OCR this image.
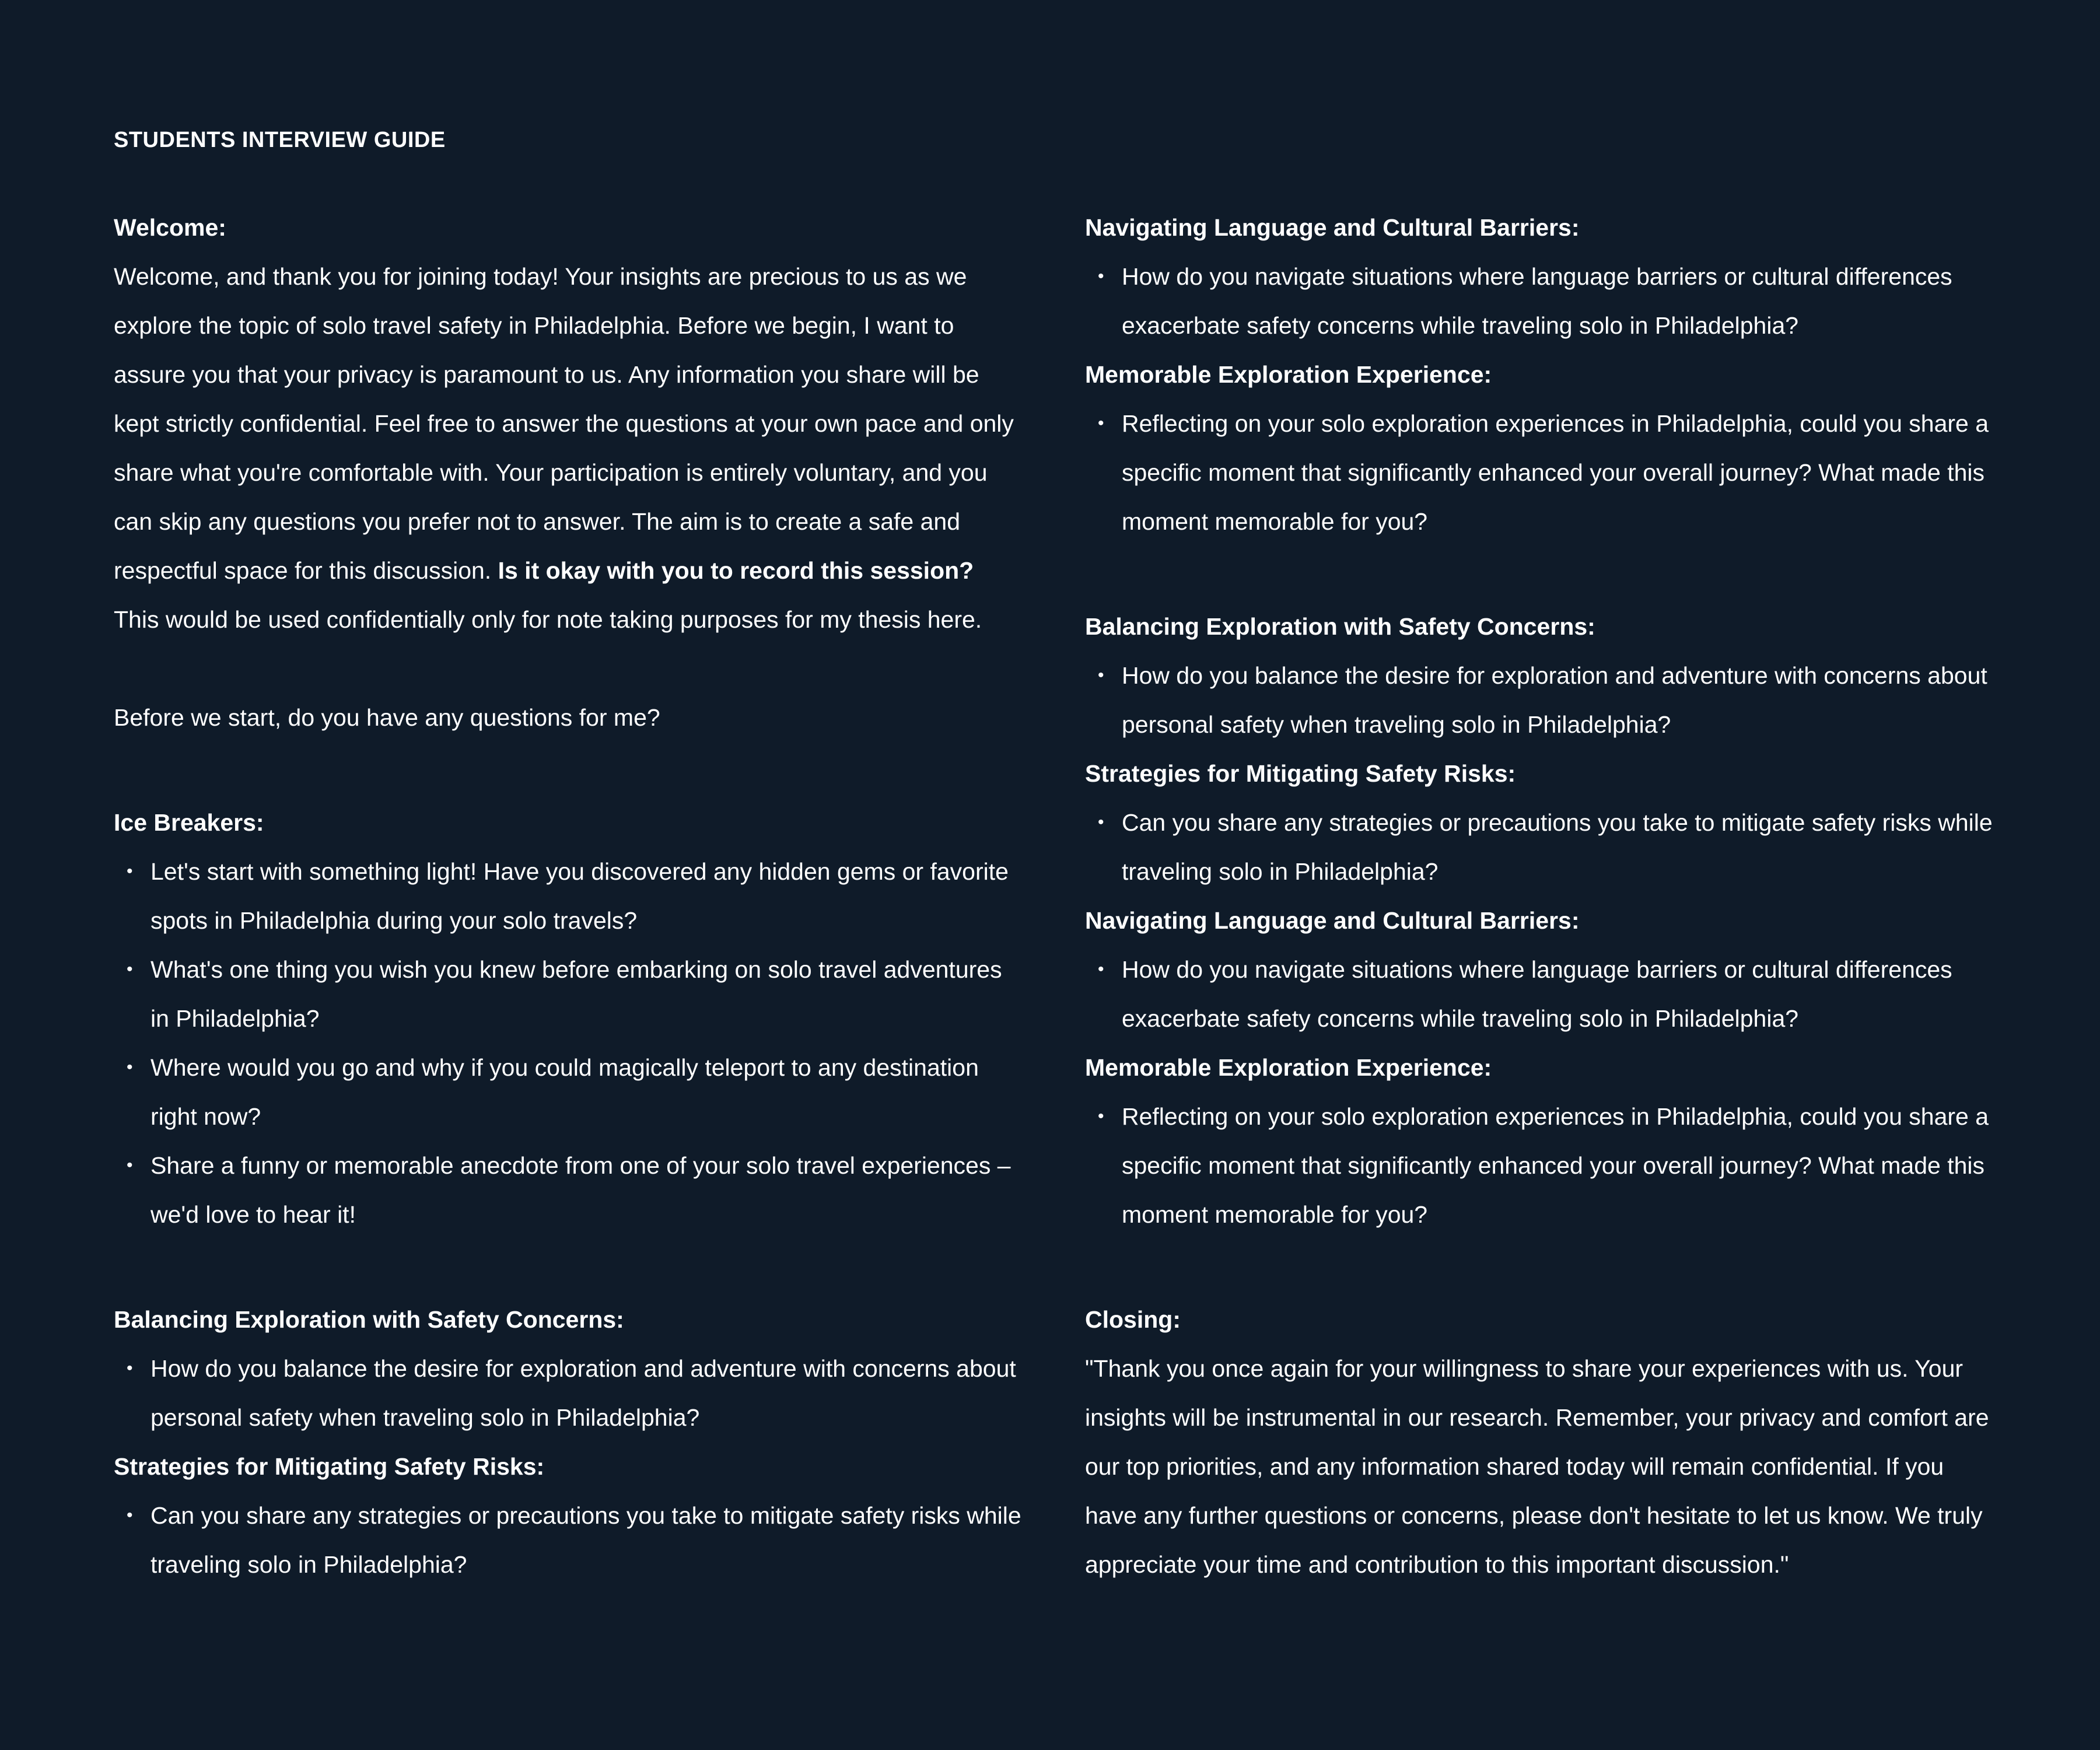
STUDENTS INTERVIEW GUIDE

Welcome:

Welcome, and thank you for joining today! Your insights are precious to us as we explore the topic of solo travel safety in Philadelphia. Before we begin, I want to assure you that your privacy is paramount to us. Any information you share will be kept strictly confidential. Feel free to answer the questions at your own pace and only share what you're comfortable with. Your participation is entirely voluntary, and you can skip any questions you prefer not to answer. The aim is to create a safe and respectful space for this discussion. Is it okay with you to record this session? This would be used confidentially only for note taking purposes for my thesis here.

Before we start, do you have any questions for me?

Ice Breakers:

• Let's start with something light! Have you discovered any hidden gems or favorite spots in Philadelphia during your solo travels?
• What's one thing you wish you knew before embarking on solo travel adventures in Philadelphia?
• Where would you go and why if you could magically teleport to any destination right now?
• Share a funny or memorable anecdote from one of your solo travel experiences – we'd love to hear it!

Balancing Exploration with Safety Concerns:

• How do you balance the desire for exploration and adventure with concerns about personal safety when traveling solo in Philadelphia?

Strategies for Mitigating Safety Risks:

• Can you share any strategies or precautions you take to mitigate safety risks while traveling solo in Philadelphia?

Navigating Language and Cultural Barriers:

• How do you navigate situations where language barriers or cultural differences exacerbate safety concerns while traveling solo in Philadelphia?

Memorable Exploration Experience:

• Reflecting on your solo exploration experiences in Philadelphia, could you share a specific moment that significantly enhanced your overall journey? What made this moment memorable for you?

Balancing Exploration with Safety Concerns:

• How do you balance the desire for exploration and adventure with concerns about personal safety when traveling solo in Philadelphia?

Strategies for Mitigating Safety Risks:

• Can you share any strategies or precautions you take to mitigate safety risks while traveling solo in Philadelphia?

Navigating Language and Cultural Barriers:

• How do you navigate situations where language barriers or cultural differences exacerbate safety concerns while traveling solo in Philadelphia?

Memorable Exploration Experience:

• Reflecting on your solo exploration experiences in Philadelphia, could you share a specific moment that significantly enhanced your overall journey? What made this moment memorable for you?

Closing:

"Thank you once again for your willingness to share your experiences with us. Your insights will be instrumental in our research. Remember, your privacy and comfort are our top priorities, and any information shared today will remain confidential. If you have any further questions or concerns, please don't hesitate to let us know. We truly appreciate your time and contribution to this important discussion."
